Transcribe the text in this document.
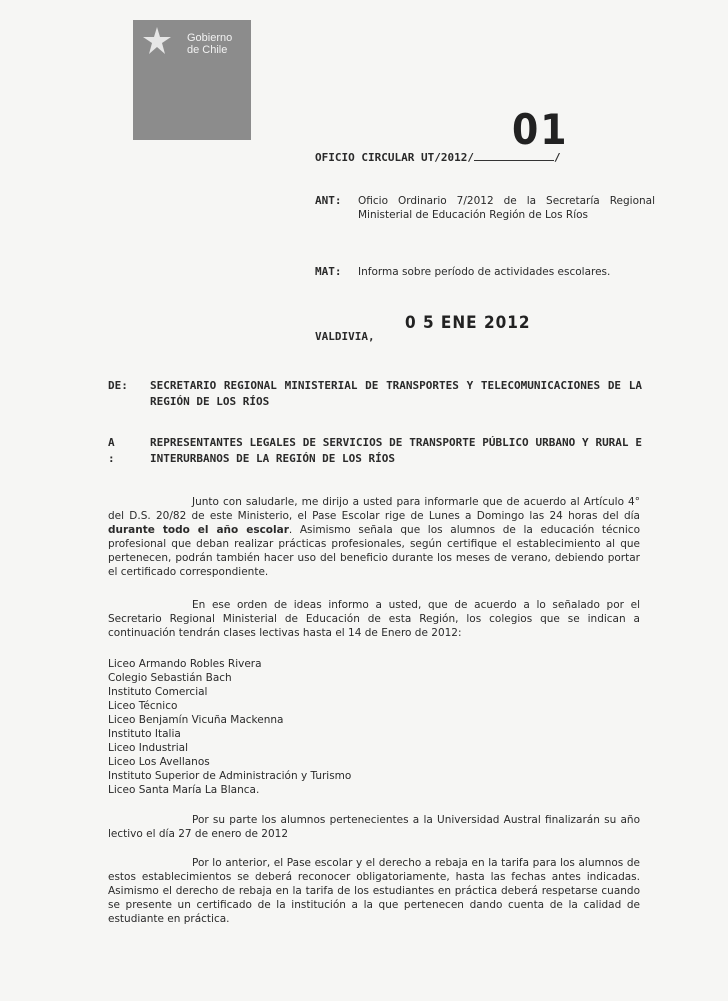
Gobierno
de Chile
01
OFICIO CIRCULAR UT/2012/	/
ANT: Oficio Ordinario 7/2012 de la Secretaría Regional Ministerial de Educación Región de Los Ríos
MAT: Informa sobre período de actividades escolares.
VALDIVIA,
0 5 ENE 2012
DE: SECRETARIO REGIONAL MINISTERIAL DE TRANSPORTES Y TELECOMUNICACIONES DE LA REGIÓN DE LOS RÍOS
A :
REPRESENTANTES LEGALES DE SERVICIOS DE TRANSPORTE PÚBLICO URBANO Y RURAL E INTERURBANOS DE LA REGIÓN DE LOS RÍOS
Junto con saludarle, me dirijo a usted para informarle que de acuerdo al Artículo 4° del D.S. 20/82 de este Ministerio, el Pase Escolar rige de Lunes a Domingo las 24 horas del día durante todo el año escolar. Asimismo señala que los alumnos de la educación técnico profesional que deban realizar prácticas profesionales, según certifique el establecimiento al que pertenecen, podrán también hacer uso del beneficio durante los meses de verano, debiendo portar el certificado correspondiente.
En ese orden de ideas informo a usted, que de acuerdo a lo señalado por el Secretario Regional Ministerial de Educación de esta Región, los colegios que se indican a continuación tendrán clases lectivas hasta el 14 de Enero de 2012:
Liceo Armando Robles Rivera
Colegio Sebastián Bach
Instituto Comercial
Liceo Técnico
Liceo Benjamín Vicuña Mackenna
Instituto Italia
Liceo Industrial
Liceo Los Avellanos
Instituto Superior de Administración y Turismo
Liceo Santa María La Blanca.
Por su parte los alumnos pertenecientes a la Universidad Austral finalizarán su año lectivo el día 27 de enero de 2012
Por lo anterior, el Pase escolar y el derecho a rebaja en la tarifa para los alumnos de estos establecimientos se deberá reconocer obligatoriamente, hasta las fechas antes indicadas. Asimismo el derecho de rebaja en la tarifa de los estudiantes en práctica deberá respetarse cuando se presente un certificado de la institución a la que pertenecen dando cuenta de la calidad de estudiante en práctica.
